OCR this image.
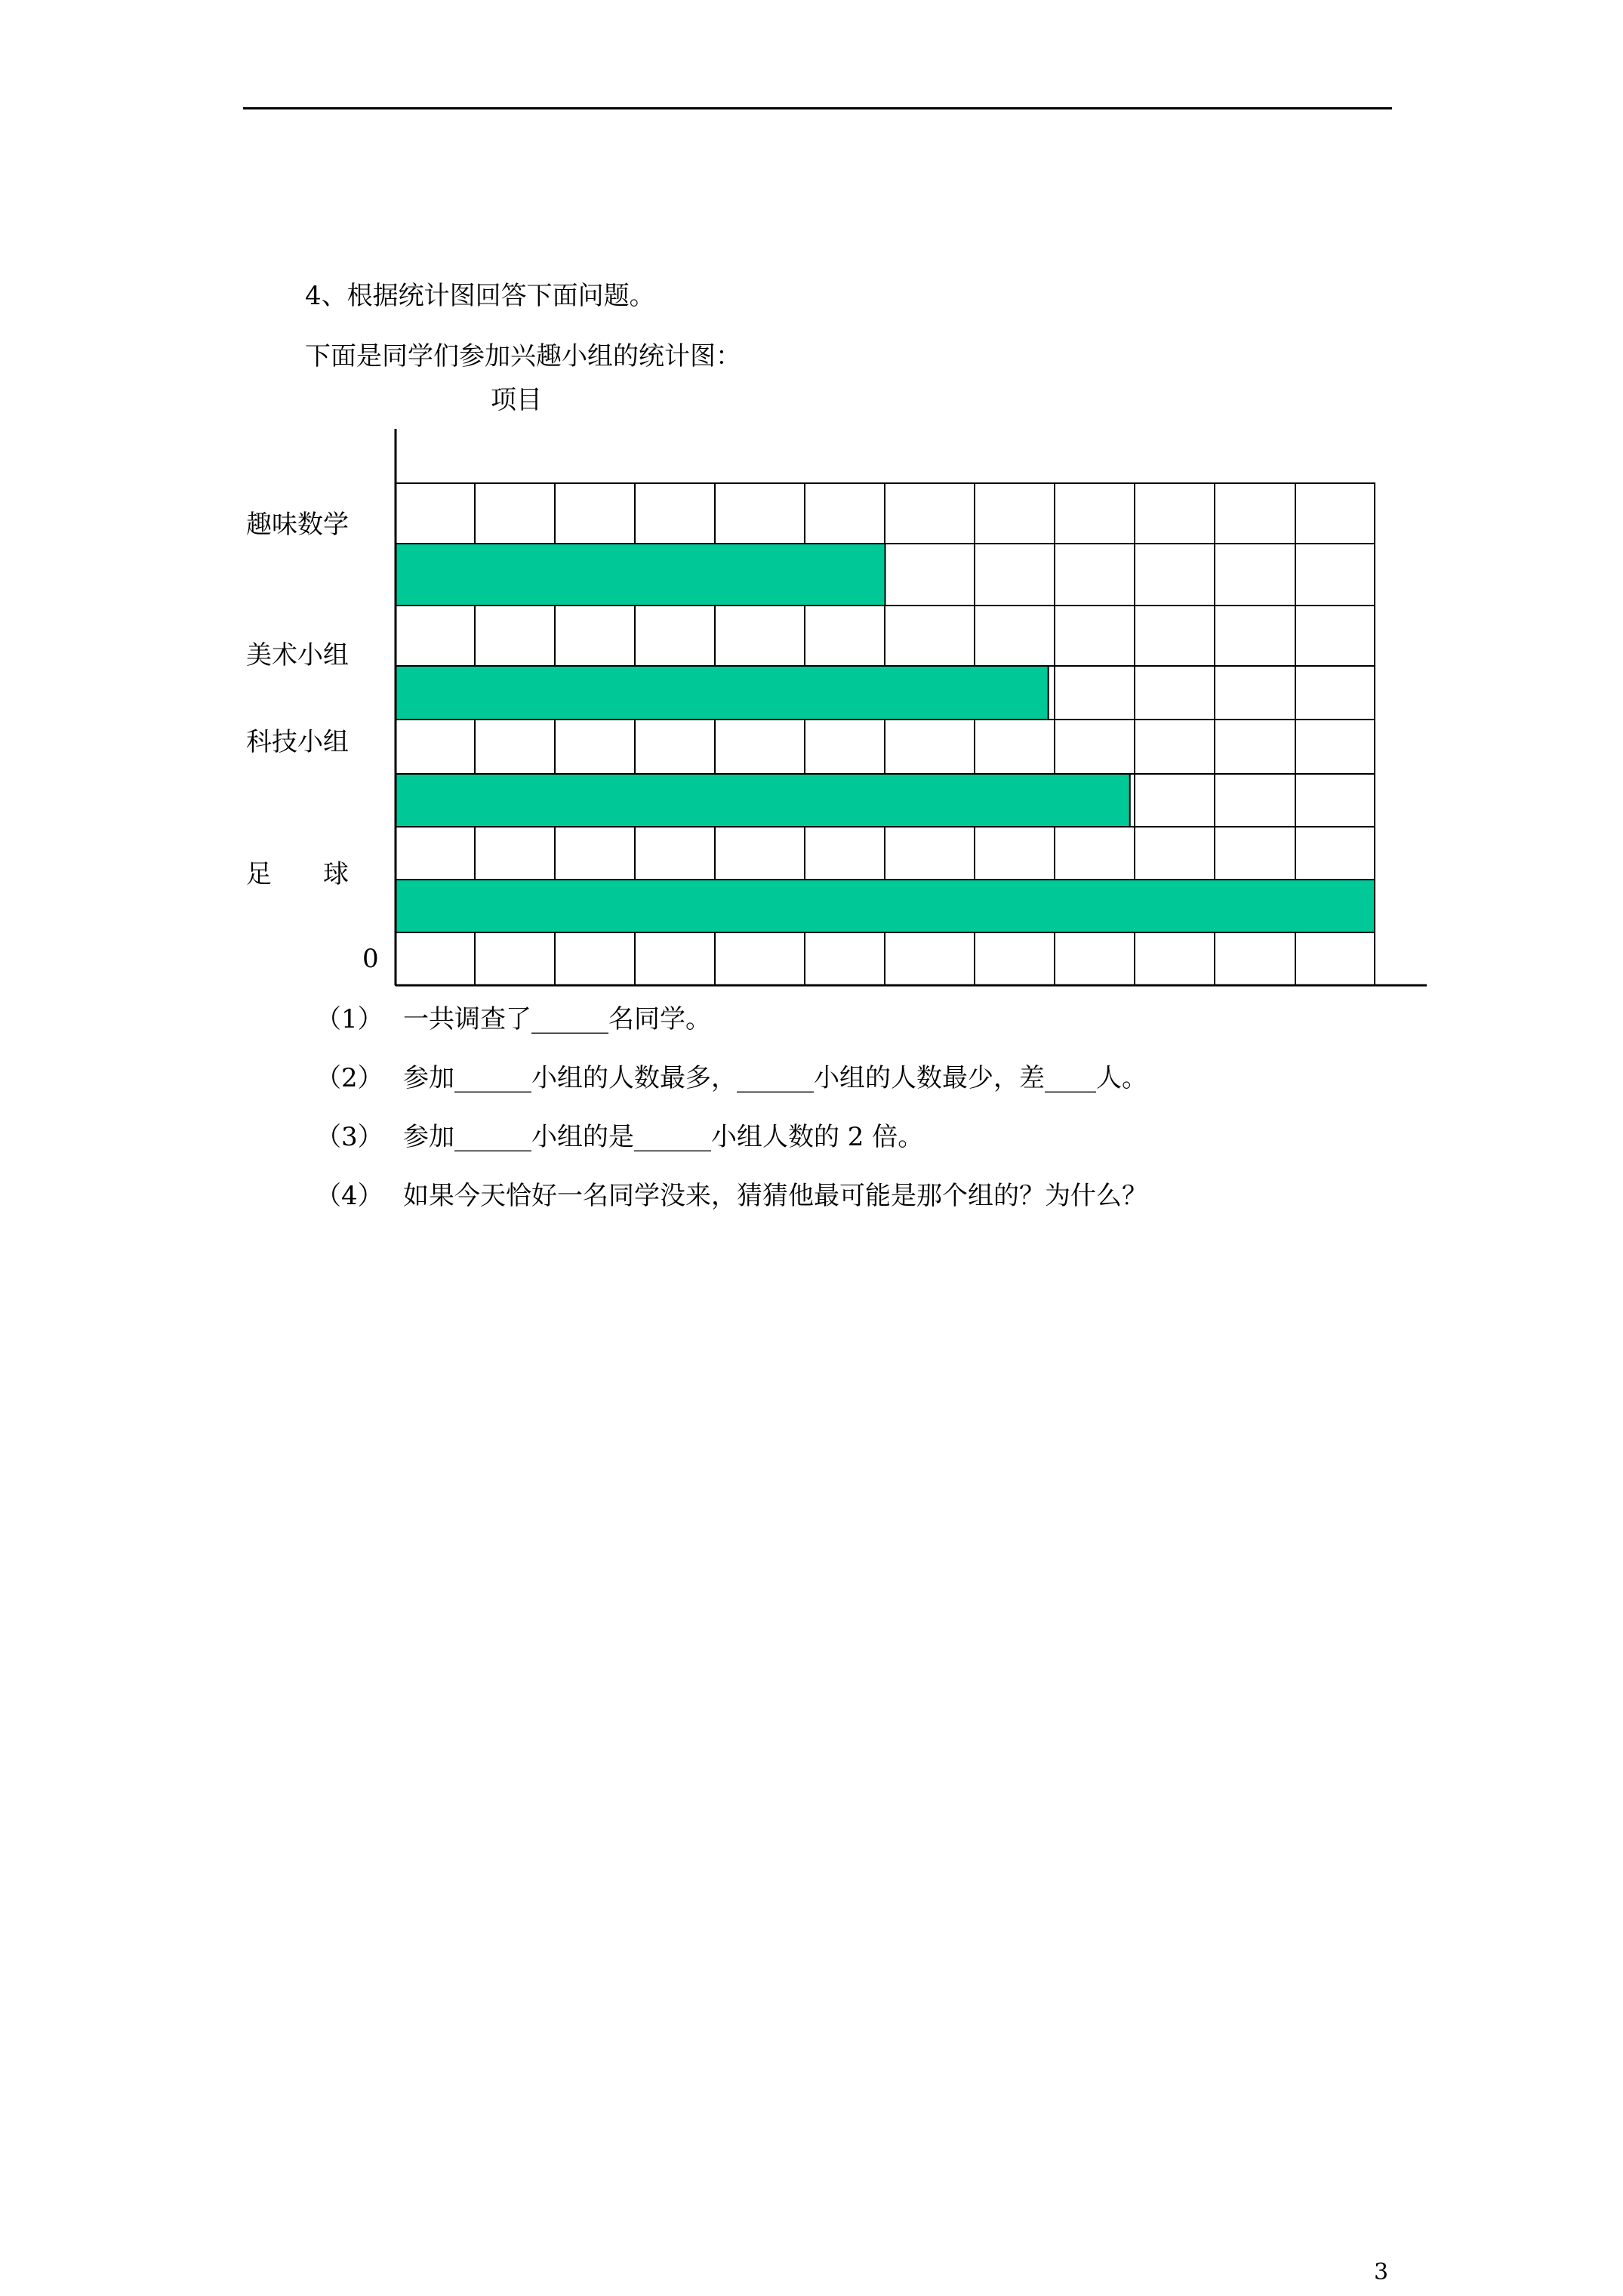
4、根据统计图回答下面问题。
下面是同学们参加兴趣小组的统计图：
项目
趣味数学
美术小组
科技小组
足　　球
0
（1） 一共调查了______名同学。
（2） 参加______小组的人数最多，______小组的人数最少，差____人。
（3） 参加______小组的是______小组人数的 2 倍。
（4） 如果今天恰好一名同学没来，猜猜他最可能是那个组的？为什么？
3
